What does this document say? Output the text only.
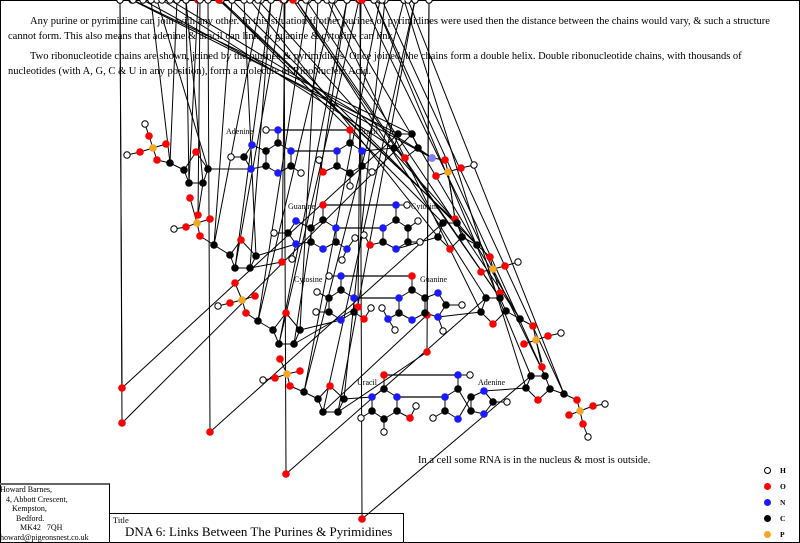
Any purine or pyrimidine can join with any other. In this situation if other purines or pyrimidines were used then the distance between the chains would vary, & such a structure cannot form. This also means that adenine & uracil can link, & guanine & cytosine can link.

Two ribonucleotide chains are shown, joined by the purines & pyrimidines. Once joined, the chains form a double helix. Double ribonucleotide chains, with thousands of nucleotides (with A, G, C & U in any position), form a molecule of RiboNucleic Acid.

Adenine	Uracil
Guanine	Cytosine
Cytosine	Guanine
Uracil	Adenine
In a cell some RNA is in the nucleus & most is outside.
H
O
N
C
P
Howard Barnes,
4, Abbott Crescent,
Kempston,
Bedford.
MK42   7QH
howard@pigeonsnest.co.uk
Title
DNA 6: Links Between The Purines & Pyrimidines
